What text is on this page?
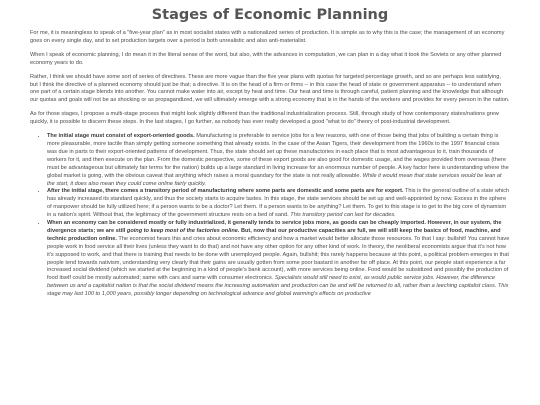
Stages of Economic Planning

For me, it is meaningless to speak of a "five-year plan" as in most socialist states with a nationalized series of production. It is simple as to why this is the case; the management of an economy goes on every single day, and to set production targets over a period is both unrealistic and also anti-materialist.

When I speak of economic planning, I do mean it in the literal sense of the word, but also, with the advances in computation, we can plan in a day what it took the Soviets or any other planned economy years to do.

Rather, I think we should have some sort of series of directives. These are more vague than the five year plans with quotas for targeted percentage growth, and so are perhaps less satisfying, but I think the directive of a planned economy should just be that; a directive. It is on the head of a firm or firms -- in this case the head of state or government apparatus -- to understand when one part of a certain stage blends into another. You cannot make water into air, except by heat and time. Our heat and time is through careful, patient planning and the knowledge that although our quotas and goals will not be as shocking or as propagandized, we will ultimately emerge with a strong economy that is in the hands of the workers and provides for every person in the nation.

As for those stages, I propose a multi-stage process that might look slightly different than the traditional industrialization process. Still, through study of how contemporary states/nations grew quickly, it is possible to discern these steps. In the last stages, I go further, as nobody has ever really developed a good "what to do" theory of post-industrial development.

• The initial stage must consist of export-oriented goods. Manufacturing is preferable to service jobs for a few reasons, with one of those being that jobs of building a certain thing is more pleasurable, more tactile than simply getting someone something that already exists. In the case of the Asian Tigers, their development from the 1960s to the 1997 financial crisis was due in parts to their export-oriented patterns of development. Thus, the state should set up these manufactories in each place that is most advantageous to it, train thousands of workers for it, and then execute on the plan. From the domestic perspective, some of these export goods are also good for domestic usage, and the wages provided from overseas (there must be advantageous but ultimately fair terms for the nation) builds up a large standard in living increase for an enormous number of people. A key factor here is understanding where the global market is going, with the obvious caveat that anything which raises a moral quandary for the state is not really allowable. While it would mean that state services would be lean at the start, it does also mean they could come online fairly quickly.
• After the initial stage, there comes a transitory period of manufacturing where some parts are domestic and some parts are for export. This is the general outline of a state which has already increased its standard quickly, and thus the society starts to acquire tastes. In this stage, the state services should be set up and well-appointed by now. Excess in the sphere of manpower should be fully utilized here; if a person wants to be a doctor? Let them. If a person wants to be anything? Let them. To get to this stage is to get to the big core of dynamism in a nation's spirit. Without that, the legitimacy of the government structure rests on a bed of sand. This transitory period can last for decades.
• When an economy can be considered mostly or fully industrialized, it generally tends to service jobs more, as goods can be cheaply imported. However, in our system, the divergence starts; we are still going to keep most of the factories online. But, now that our productive capacities are full, we will still keep the basics of food, machine, and technic production online. The economist hears this and cries about economic efficiency and how a market would better allocate those resources. To that I say: bullshit! You cannot have people work in food service all their lives (unless they want to do that) and not have any other option for any other kind of work. In theory, the neoliberal economists argue that it's not how it's supposed to work, and that there is training that needs to be done with unemployed people. Again, bullshit; this rarely happens because at this point, a political problem emerges in that people tend towards nativism, understanding very clearly that their gains are usually gotten from some poor bastard in another far off place. At this point, our people start experience a far increased social dividend (which we started at the beginning in a kind of people's bank account), with more services being online. Food would be subsidized and possibly the production of food itself could be mostly automated; same with cars and same with consumer electronics. Specialists would still need to exist, as would public service jobs. However, the difference between us and a capitalist nation is that the social dividend means the increasing automation and production can be and will be returned to all, rather than a leeching capitalist class. This stage may last 100 to 1,000 years, possibly longer depending on technological advance and global warming's effects on productive
